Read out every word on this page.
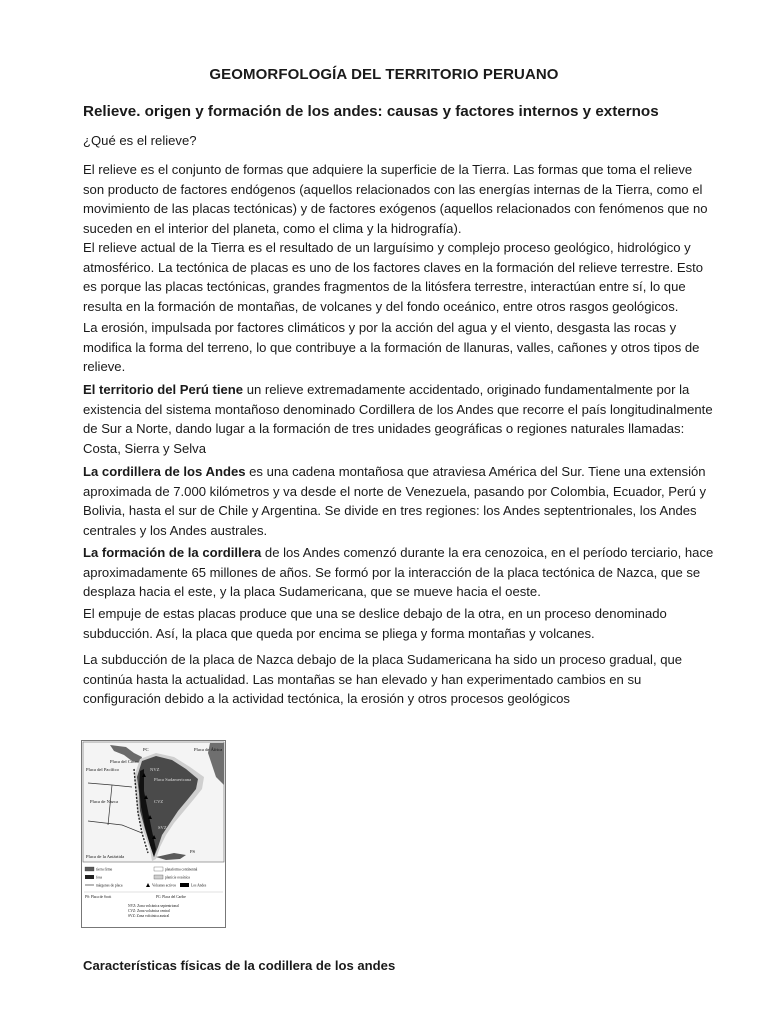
GEOMORFOLOGÍA DEL TERRITORIO PERUANO
Relieve. origen y formación de los andes: causas y factores internos y externos

¿Qué es el relieve?

El relieve es el conjunto de formas que adquiere la superficie de la Tierra. Las formas que toma el relieve son producto de factores endógenos (aquellos relacionados con las energías internas de la Tierra, como el movimiento de las placas tectónicas) y de factores exógenos (aquellos relacionados con fenómenos que no suceden en el interior del planeta, como el clima y la hidrografía).

El relieve actual de la Tierra es el resultado de un larguísimo y complejo proceso geológico, hidrológico y atmosférico. La tectónica de placas es uno de los factores claves en la formación del relieve terrestre. Esto es porque las placas tectónicas, grandes fragmentos de la litósfera terrestre, interactúan entre sí, lo que resulta en la formación de montañas, de volcanes y del fondo oceánico, entre otros rasgos geológicos.

La erosión, impulsada por factores climáticos y por la acción del agua y el viento, desgasta las rocas y modifica la forma del terreno, lo que contribuye a la formación de llanuras, valles, cañones y otros tipos de relieve.

El territorio del Perú tiene un relieve extremadamente accidentado, originado fundamentalmente por la existencia del sistema montañoso denominado Cordillera de los Andes que recorre el país longitudinalmente de Sur a Norte, dando lugar a la formación de tres unidades geográficas o regiones naturales llamadas: Costa, Sierra y Selva

La cordillera de los Andes es una cadena montañosa que atraviesa América del Sur. Tiene una extensión aproximada de 7.000 kilómetros y va desde el norte de Venezuela, pasando por Colombia, Ecuador, Perú y Bolivia, hasta el sur de Chile y Argentina. Se divide en tres regiones: los Andes septentrionales, los Andes centrales y los Andes australes.

La formación de la cordillera de los Andes comenzó durante la era cenozoica, en el período terciario, hace aproximadamente 65 millones de años. Se formó por la interacción de la placa tectónica de Nazca, que se desplaza hacia el este, y la placa Sudamericana, que se mueve hacia el oeste.

El empuje de estas placas produce que una se deslice debajo de la otra, en un proceso denominado subducción. Así, la placa que queda por encima se pliega y forma montañas y volcanes.

La subducción de la placa de Nazca debajo de la placa Sudamericana ha sido un proceso gradual, que continúa hasta la actualidad. Las montañas se han elevado y han experimentado cambios en su configuración debido a la actividad tectónica, la erosión y otros procesos geológicos

PC	Placa de África
Placa del Coco
Placa del Pacífico
Placa de Nazca
NVZ
Placa Sudamericana
CVZ
SVZ
PS
Placa de la Antártida
tierra firme	plataforma continental
fosa	planicie oceánica
márgenes de placa	Volcanes activos	Los Andes
PS: Placa de Scott	PC: Placa del Caribe
NVZ: Zona volcánica septentrional
CVZ: Zona volcánica central
SVZ: Zona volcánica austral
Características físicas de la codillera de los andes
